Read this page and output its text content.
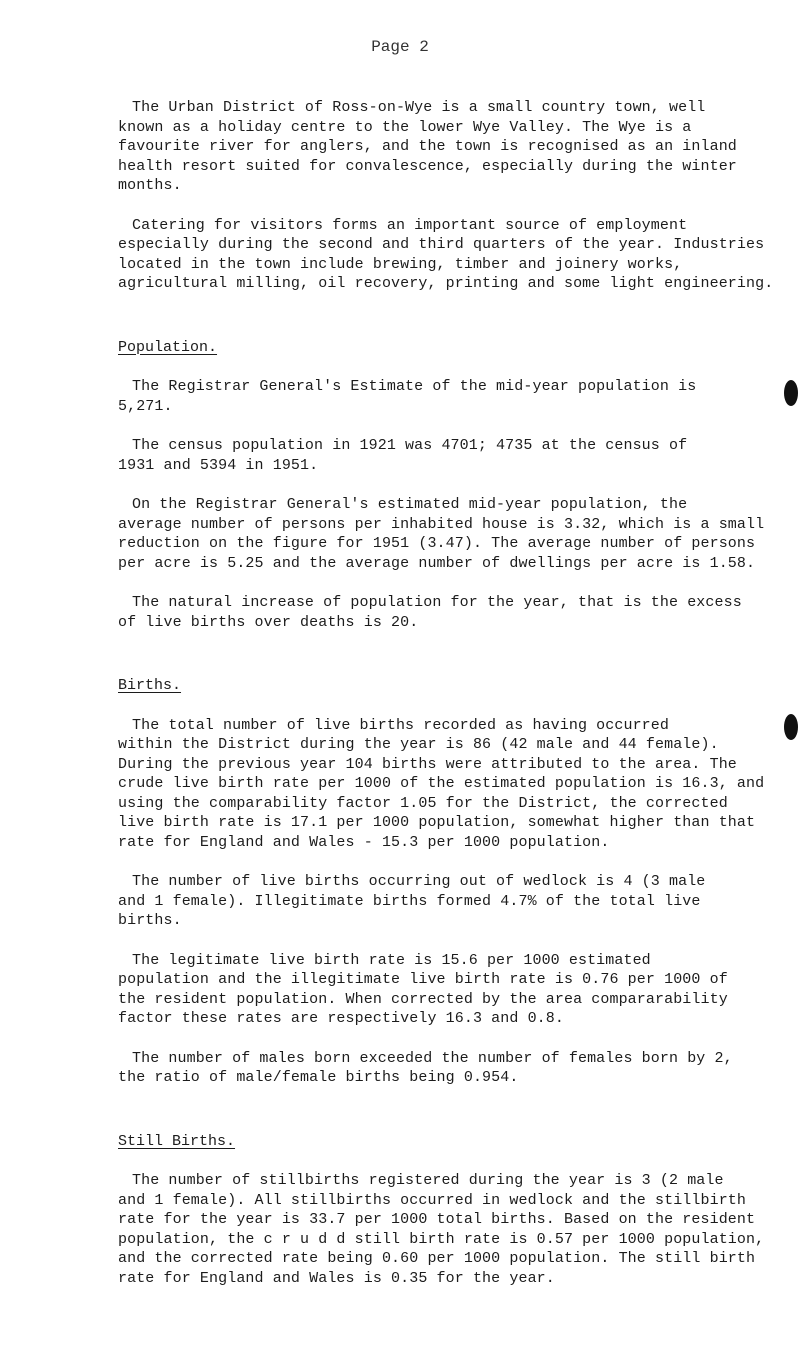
Page 2

The Urban District of Ross-on-Wye is a small country town, well
known as a holiday centre to the lower Wye Valley. The Wye is a
favourite river for anglers, and the town is recognised as an inland
health resort suited for convalescence, especially during the winter
months.

Catering for visitors forms an important source of employment
especially during the second and third quarters of the year. Industries
located in the town include brewing, timber and joinery works,
agricultural milling, oil recovery, printing and some light engineering.

Population.

The Registrar General's Estimate of the mid-year population is
5,271.

The census population in 1921 was 4701; 4735 at the census of
1931 and 5394 in 1951.

On the Registrar General's estimated mid-year population, the
average number of persons per inhabited house is 3.32, which is a small
reduction on the figure for 1951 (3.47). The average number of persons
per acre is 5.25 and the average number of dwellings per acre is 1.58.

The natural increase of population for the year, that is the excess
of live births over deaths is 20.

Births.

The total number of live births recorded as having occurred
within the District during the year is 86 (42 male and 44 female).
During the previous year 104 births were attributed to the area. The
crude live birth rate per 1000 of the estimated population is 16.3, and
using the comparability factor 1.05 for the District, the corrected
live birth rate is 17.1 per 1000 population, somewhat higher than that
rate for England and Wales - 15.3 per 1000 population.

The number of live births occurring out of wedlock is 4 (3 male
and 1 female). Illegitimate births formed 4.7% of the total live
births.

The legitimate live birth rate is 15.6 per 1000 estimated
population and the illegitimate live birth rate is 0.76 per 1000 of
the resident population. When corrected by the area compararability
factor these rates are respectively 16.3 and 0.8.

The number of males born exceeded the number of females born by 2,
the ratio of male/female births being 0.954.

Still Births.

The number of stillbirths registered during the year is 3 (2 male
and 1 female). All stillbirths occurred in wedlock and the stillbirth
rate for the year is 33.7 per 1000 total births. Based on the resident
population, the c r u d d still birth rate is 0.57 per 1000 population,
and the corrected rate being 0.60 per 1000 population. The still birth
rate for England and Wales is 0.35 for the year.
